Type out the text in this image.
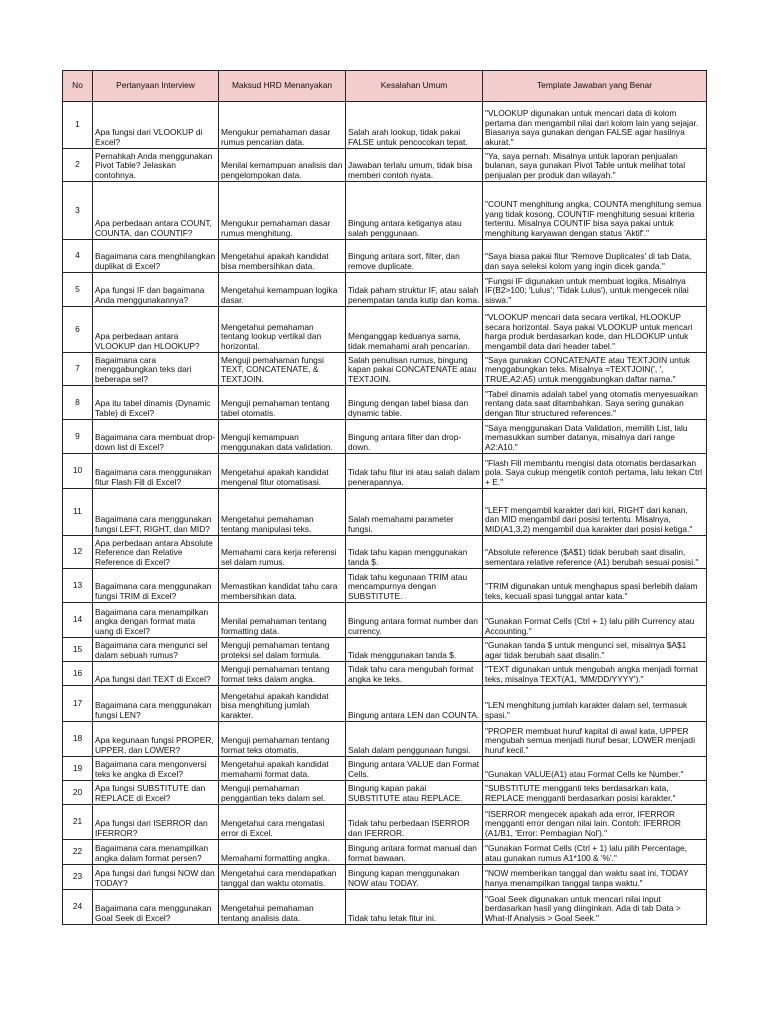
No	Pertanyaan Interview	Maksud HRD Menanyakan	Kesalahan Umum	Template Jawaban yang Benar
1	Apa fungsi dari VLOOKUP di Excel?	Mengukur pemahaman dasar rumus pencarian data.	Salah arah lookup, tidak pakai FALSE untuk pencocokan tepat.	"VLOOKUP digunakan untuk mencari data di kolom pertama dan mengambil nilai dari kolom lain yang sejajar. Biasanya saya gunakan dengan FALSE agar hasilnya akurat."
2	Pernahkah Anda menggunakan Pivot Table? Jelaskan contohnya.	Menilai kemampuan analisis dan pengelompokan data.	Jawaban terlalu umum, tidak bisa memberi contoh nyata.	"Ya, saya pernah. Misalnya untuk laporan penjualan bulanan, saya gunakan Pivot Table untuk melihat total penjualan per produk dan wilayah."
3	Apa perbedaan antara COUNT, COUNTA, dan COUNTIF?	Mengukur pemahaman dasar rumus menghitung.	Bingung antara ketiganya atau salah penggunaan.	"COUNT menghitung angka, COUNTA menghitung semua yang tidak kosong, COUNTIF menghitung sesuai kriteria tertentu. Misalnya COUNTIF bisa saya pakai untuk menghitung karyawan dengan status 'Aktif'."
4	Bagaimana cara menghilangkan duplikat di Excel?	Mengetahui apakah kandidat bisa membersihkan data.	Bingung antara sort, filter, dan remove duplicate.	"Saya biasa pakai fitur 'Remove Duplicates' di tab Data, dan saya seleksi kolom yang ingin dicek ganda."
5	Apa fungsi IF dan bagaimana Anda menggunakannya?	Mengetahui kemampuan logika dasar.	Tidak paham struktur IF, atau salah penempatan tanda kutip dan koma.	"Fungsi IF digunakan untuk membuat logika. Misalnya IF(B2>100; 'Lulus'; 'Tidak Lulus'), untuk mengecek nilai siswa."
6	Apa perbedaan antara VLOOKUP dan HLOOKUP?	Mengetahui pemahaman tentang lookup vertikal dan horizontal.	Menganggap keduanya sama, tidak memahami arah pencarian.	"VLOOKUP mencari data secara vertikal, HLOOKUP secara horizontal. Saya pakai VLOOKUP untuk mencari harga produk berdasarkan kode, dan HLOOKUP untuk mengambil data dari header tabel."
7	Bagaimana cara menggabungkan teks dari beberapa sel?	Menguji pemahaman fungsi TEXT, CONCATENATE, & TEXTJOIN.	Salah penulisan rumus, bingung kapan pakai CONCATENATE atau TEXTJOIN.	"Saya gunakan CONCATENATE atau TEXTJOIN untuk menggabungkan teks. Misalnya =TEXTJOIN(', ', TRUE,A2:A5) untuk menggabungkan daftar nama."
8	Apa itu tabel dinamis (Dynamic Table) di Excel?	Menguji pemahaman tentang tabel otomatis.	Bingung dengan tabel biasa dan dynamic table.	"Tabel dinamis adalah tabel yang otomatis menyesuaikan rentang data saat ditambahkan. Saya sering gunakan dengan fitur structured references."
9	Bagaimana cara membuat drop-down list di Excel?	Menguji kemampuan menggunakan data validation.	Bingung antara filter dan drop-down.	"Saya menggunakan Data Validation, memilih List, lalu memasukkan sumber datanya, misalnya dari range A2:A10."
10	Bagaimana cara menggunakan fitur Flash Fill di Excel?	Mengetahui apakah kandidat mengenal fitur otomatisasi.	Tidak tahu fitur ini atau salah dalam penerapannya.	"Flash Fill membantu mengisi data otomatis berdasarkan pola. Saya cukup mengetik contoh pertama, lalu tekan Ctrl + E."
11	Bagaimana cara menggunakan fungsi LEFT, RIGHT, dan MID?	Mengetahui pemahaman tentang manipulasi teks.	Salah memahami parameter fungsi.	"LEFT mengambil karakter dari kiri, RIGHT dari kanan, dan MID mengambil dari posisi tertentu. Misalnya, MID(A1,3,2) mengambil dua karakter dari posisi ketiga."
12	Apa perbedaan antara Absolute Reference dan Relative Reference di Excel?	Memahami cara kerja referensi sel dalam rumus.	Tidak tahu kapan menggunakan tanda $.	"Absolute reference ($A$1) tidak berubah saat disalin, sementara relative reference (A1) berubah sesuai posisi."
13	Bagaimana cara menggunakan fungsi TRIM di Excel?	Memastikan kandidat tahu cara membersihkan data.	Tidak tahu kegunaan TRIM atau mencampurnya dengan SUBSTITUTE.	"TRIM digunakan untuk menghapus spasi berlebih dalam teks, kecuali spasi tunggal antar kata."
14	Bagaimana cara menampilkan angka dengan format mata uang di Excel?	Menilai pemahaman tentang formatting data.	Bingung antara format number dan currency.	"Gunakan Format Cells (Ctrl + 1) lalu pilih Currency atau Accounting."
15	Bagaimana cara mengunci sel dalam sebuah rumus?	Menguji pemahaman tentang proteksi sel dalam formula.	Tidak menggunakan tanda $.	"Gunakan tanda $ untuk mengunci sel, misalnya $A$1 agar tidak berubah saat disalin."
16	Apa fungsi dari TEXT di Excel?	Menguji pemahaman tentang format teks dalam angka.	Tidak tahu cara mengubah format angka ke teks.	"TEXT digunakan untuk mengubah angka menjadi format teks, misalnya TEXT(A1, 'MM/DD/YYYY')."
17	Bagaimana cara menggunakan fungsi LEN?	Mengetahui apakah kandidat bisa menghitung jumlah karakter.	Bingung antara LEN dan COUNTA.	"LEN menghitung jumlah karakter dalam sel, termasuk spasi."
18	Apa kegunaan fungsi PROPER, UPPER, dan LOWER?	Menguji pemahaman tentang format teks otomatis.	Salah dalam penggunaan fungsi.	"PROPER membuat huruf kapital di awal kata, UPPER mengubah semua menjadi huruf besar, LOWER menjadi huruf kecil."
19	Bagaimana cara mengonversi teks ke angka di Excel?	Mengetahui apakah kandidat memahami format data.	Bingung antara VALUE dan Format Cells.	"Gunakan VALUE(A1) atau Format Cells ke Number."
20	Apa fungsi SUBSTITUTE dan REPLACE di Excel?	Menguji pemahaman penggantian teks dalam sel.	Bingung kapan pakai SUBSTITUTE atau REPLACE.	"SUBSTITUTE mengganti teks berdasarkan kata, REPLACE mengganti berdasarkan posisi karakter."
21	Apa fungsi dari ISERROR dan IFERROR?	Mengetahui cara mengatasi error di Excel.	Tidak tahu perbedaan ISERROR dan IFERROR.	"ISERROR mengecek apakah ada error, IFERROR mengganti error dengan nilai lain. Contoh: IFERROR (A1/B1, 'Error: Pembagian Nol')."
22	Bagaimana cara menampilkan angka dalam format persen?	Memahami formatting angka.	Bingung antara format manual dan format bawaan.	"Gunakan Format Cells (Ctrl + 1) lalu pilih Percentage, atau gunakan rumus A1*100 & '%'."
23	Apa fungsi dari fungsi NOW dan TODAY?	Mengetahui cara mendapatkan tanggal dan waktu otomatis.	Bingung kapan menggunakan NOW atau TODAY.	"NOW memberikan tanggal dan waktu saat ini, TODAY hanya menampilkan tanggal tanpa waktu."
24	Bagaimana cara menggunakan Goal Seek di Excel?	Mengetahui pemahaman tentang analisis data.	Tidak tahu letak fitur ini.	"Goal Seek digunakan untuk mencari nilai input berdasarkan hasil yang diinginkan. Ada di tab Data > What-If Analysis > Goal Seek."
